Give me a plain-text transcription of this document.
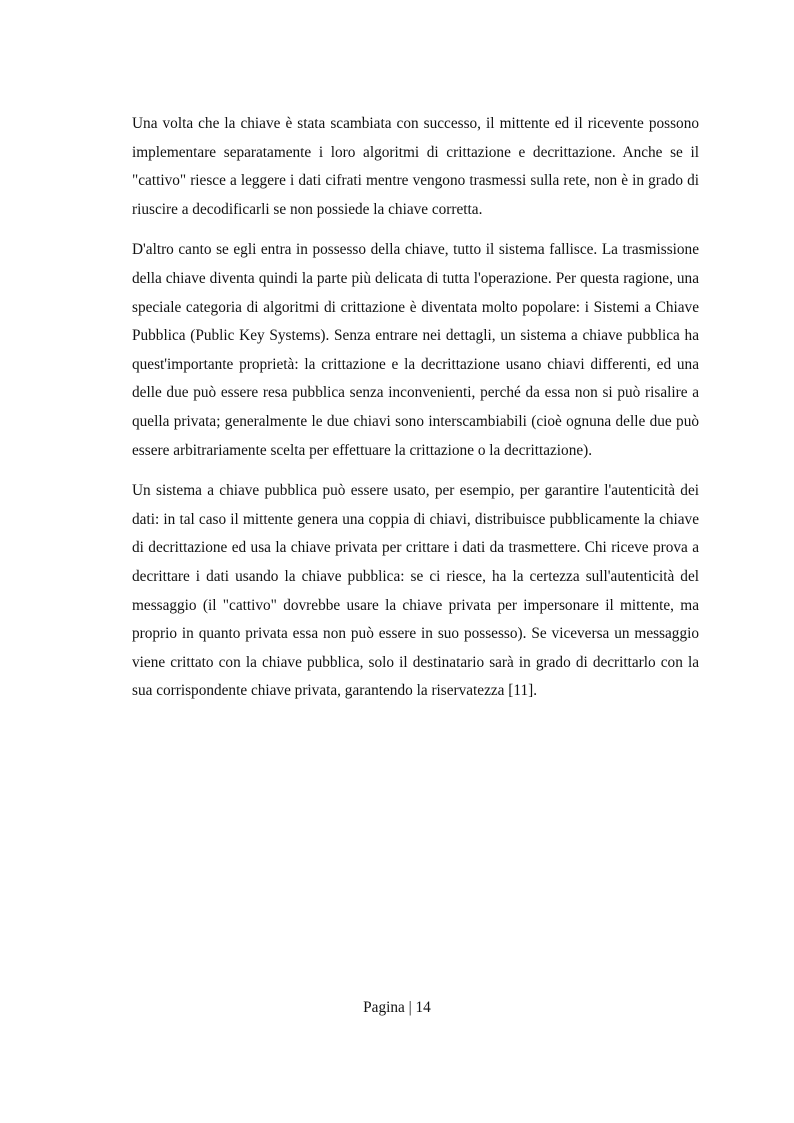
Una volta che la chiave è stata scambiata con successo, il mittente ed il ricevente possono implementare separatamente i loro algoritmi di crittazione e decrittazione. Anche se il "cattivo" riesce a leggere i dati cifrati mentre vengono trasmessi sulla rete, non è in grado di riuscire a decodificarli se non possiede la chiave corretta.

D'altro canto se egli entra in possesso della chiave, tutto il sistema fallisce. La trasmissione della chiave diventa quindi la parte più delicata di tutta l'operazione. Per questa ragione, una speciale categoria di algoritmi di crittazione è diventata molto popolare: i Sistemi a Chiave Pubblica (Public Key Systems). Senza entrare nei dettagli, un sistema a chiave pubblica ha quest'importante proprietà: la crittazione e la decrittazione usano chiavi differenti, ed una delle due può essere resa pubblica senza inconvenienti, perché da essa non si può risalire a quella privata; generalmente le due chiavi sono interscambiabili (cioè ognuna delle due può essere arbitrariamente scelta per effettuare la crittazione o la decrittazione).

Un sistema a chiave pubblica può essere usato, per esempio, per garantire l'autenticità dei dati: in tal caso il mittente genera una coppia di chiavi, distribuisce pubblicamente la chiave di decrittazione ed usa la chiave privata per crittare i dati da trasmettere. Chi riceve prova a decrittare i dati usando la chiave pubblica: se ci riesce, ha la certezza sull'autenticità del messaggio (il "cattivo" dovrebbe usare la chiave privata per impersonare il mittente, ma proprio in quanto privata essa non può essere in suo possesso). Se viceversa un messaggio viene crittato con la chiave pubblica, solo il destinatario sarà in grado di decrittarlo con la sua corrispondente chiave privata, garantendo la riservatezza [11].

Pagina | 14
